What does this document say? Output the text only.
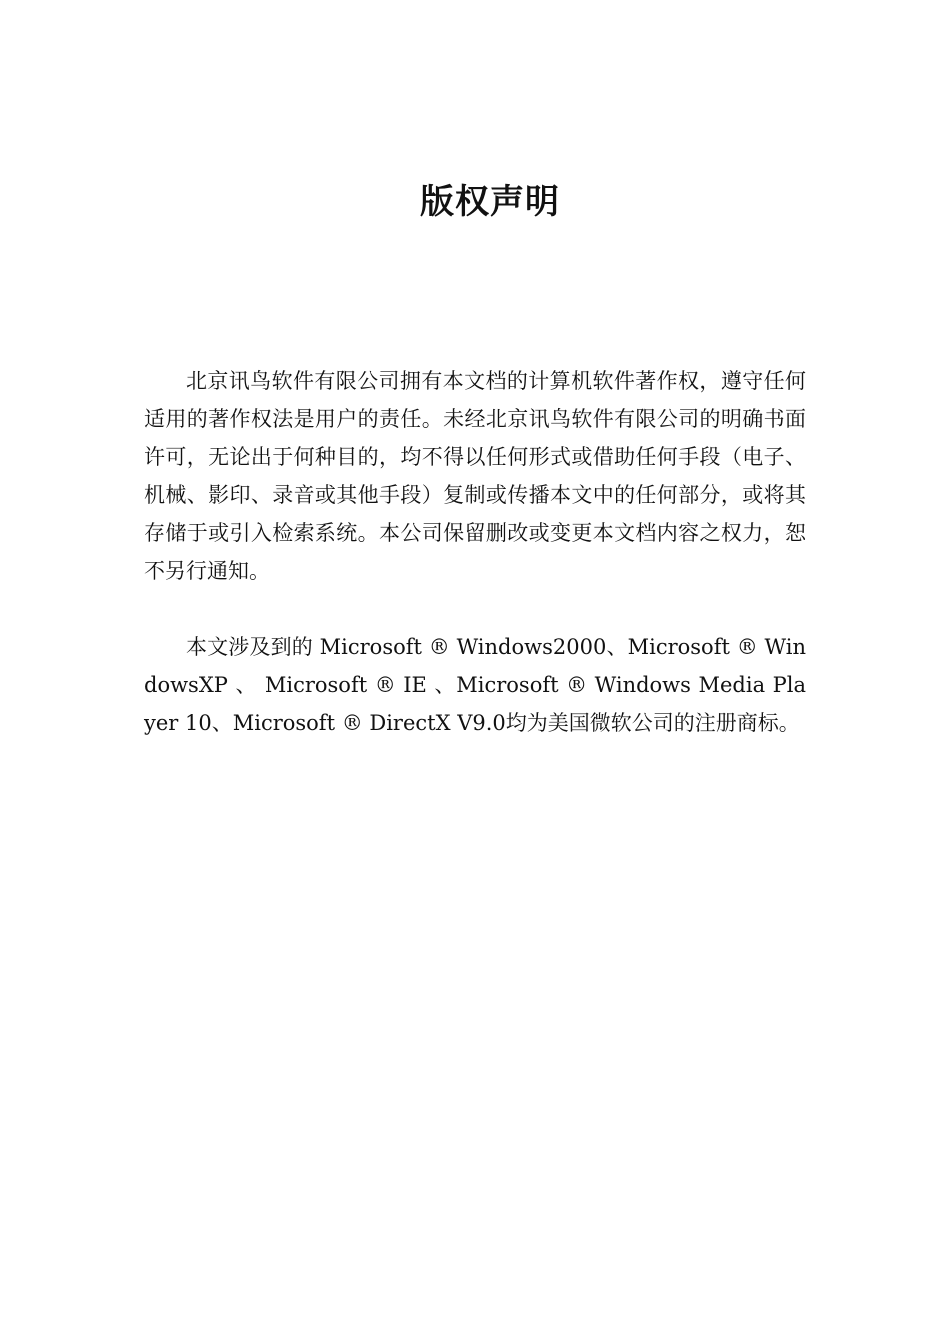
版权声明

北京讯鸟软件有限公司拥有本文档的计算机软件著作权，遵守任何适用的著作权法是用户的责任。未经北京讯鸟软件有限公司的明确书面许可，无论出于何种目的，均不得以任何形式或借助任何手段（电子、机械、影印、录音或其他手段）复制或传播本文中的任何部分，或将其存储于或引入检索系统。本公司保留删改或变更本文档内容之权力，恕不另行通知。

本文涉及到的 Microsoft ® Windows2000、Microsoft ® WindowsXP 、 Microsoft ® IE 、Microsoft ® Windows Media Player 10、Microsoft ® DirectX V9.0均为美国微软公司的注册商标。
